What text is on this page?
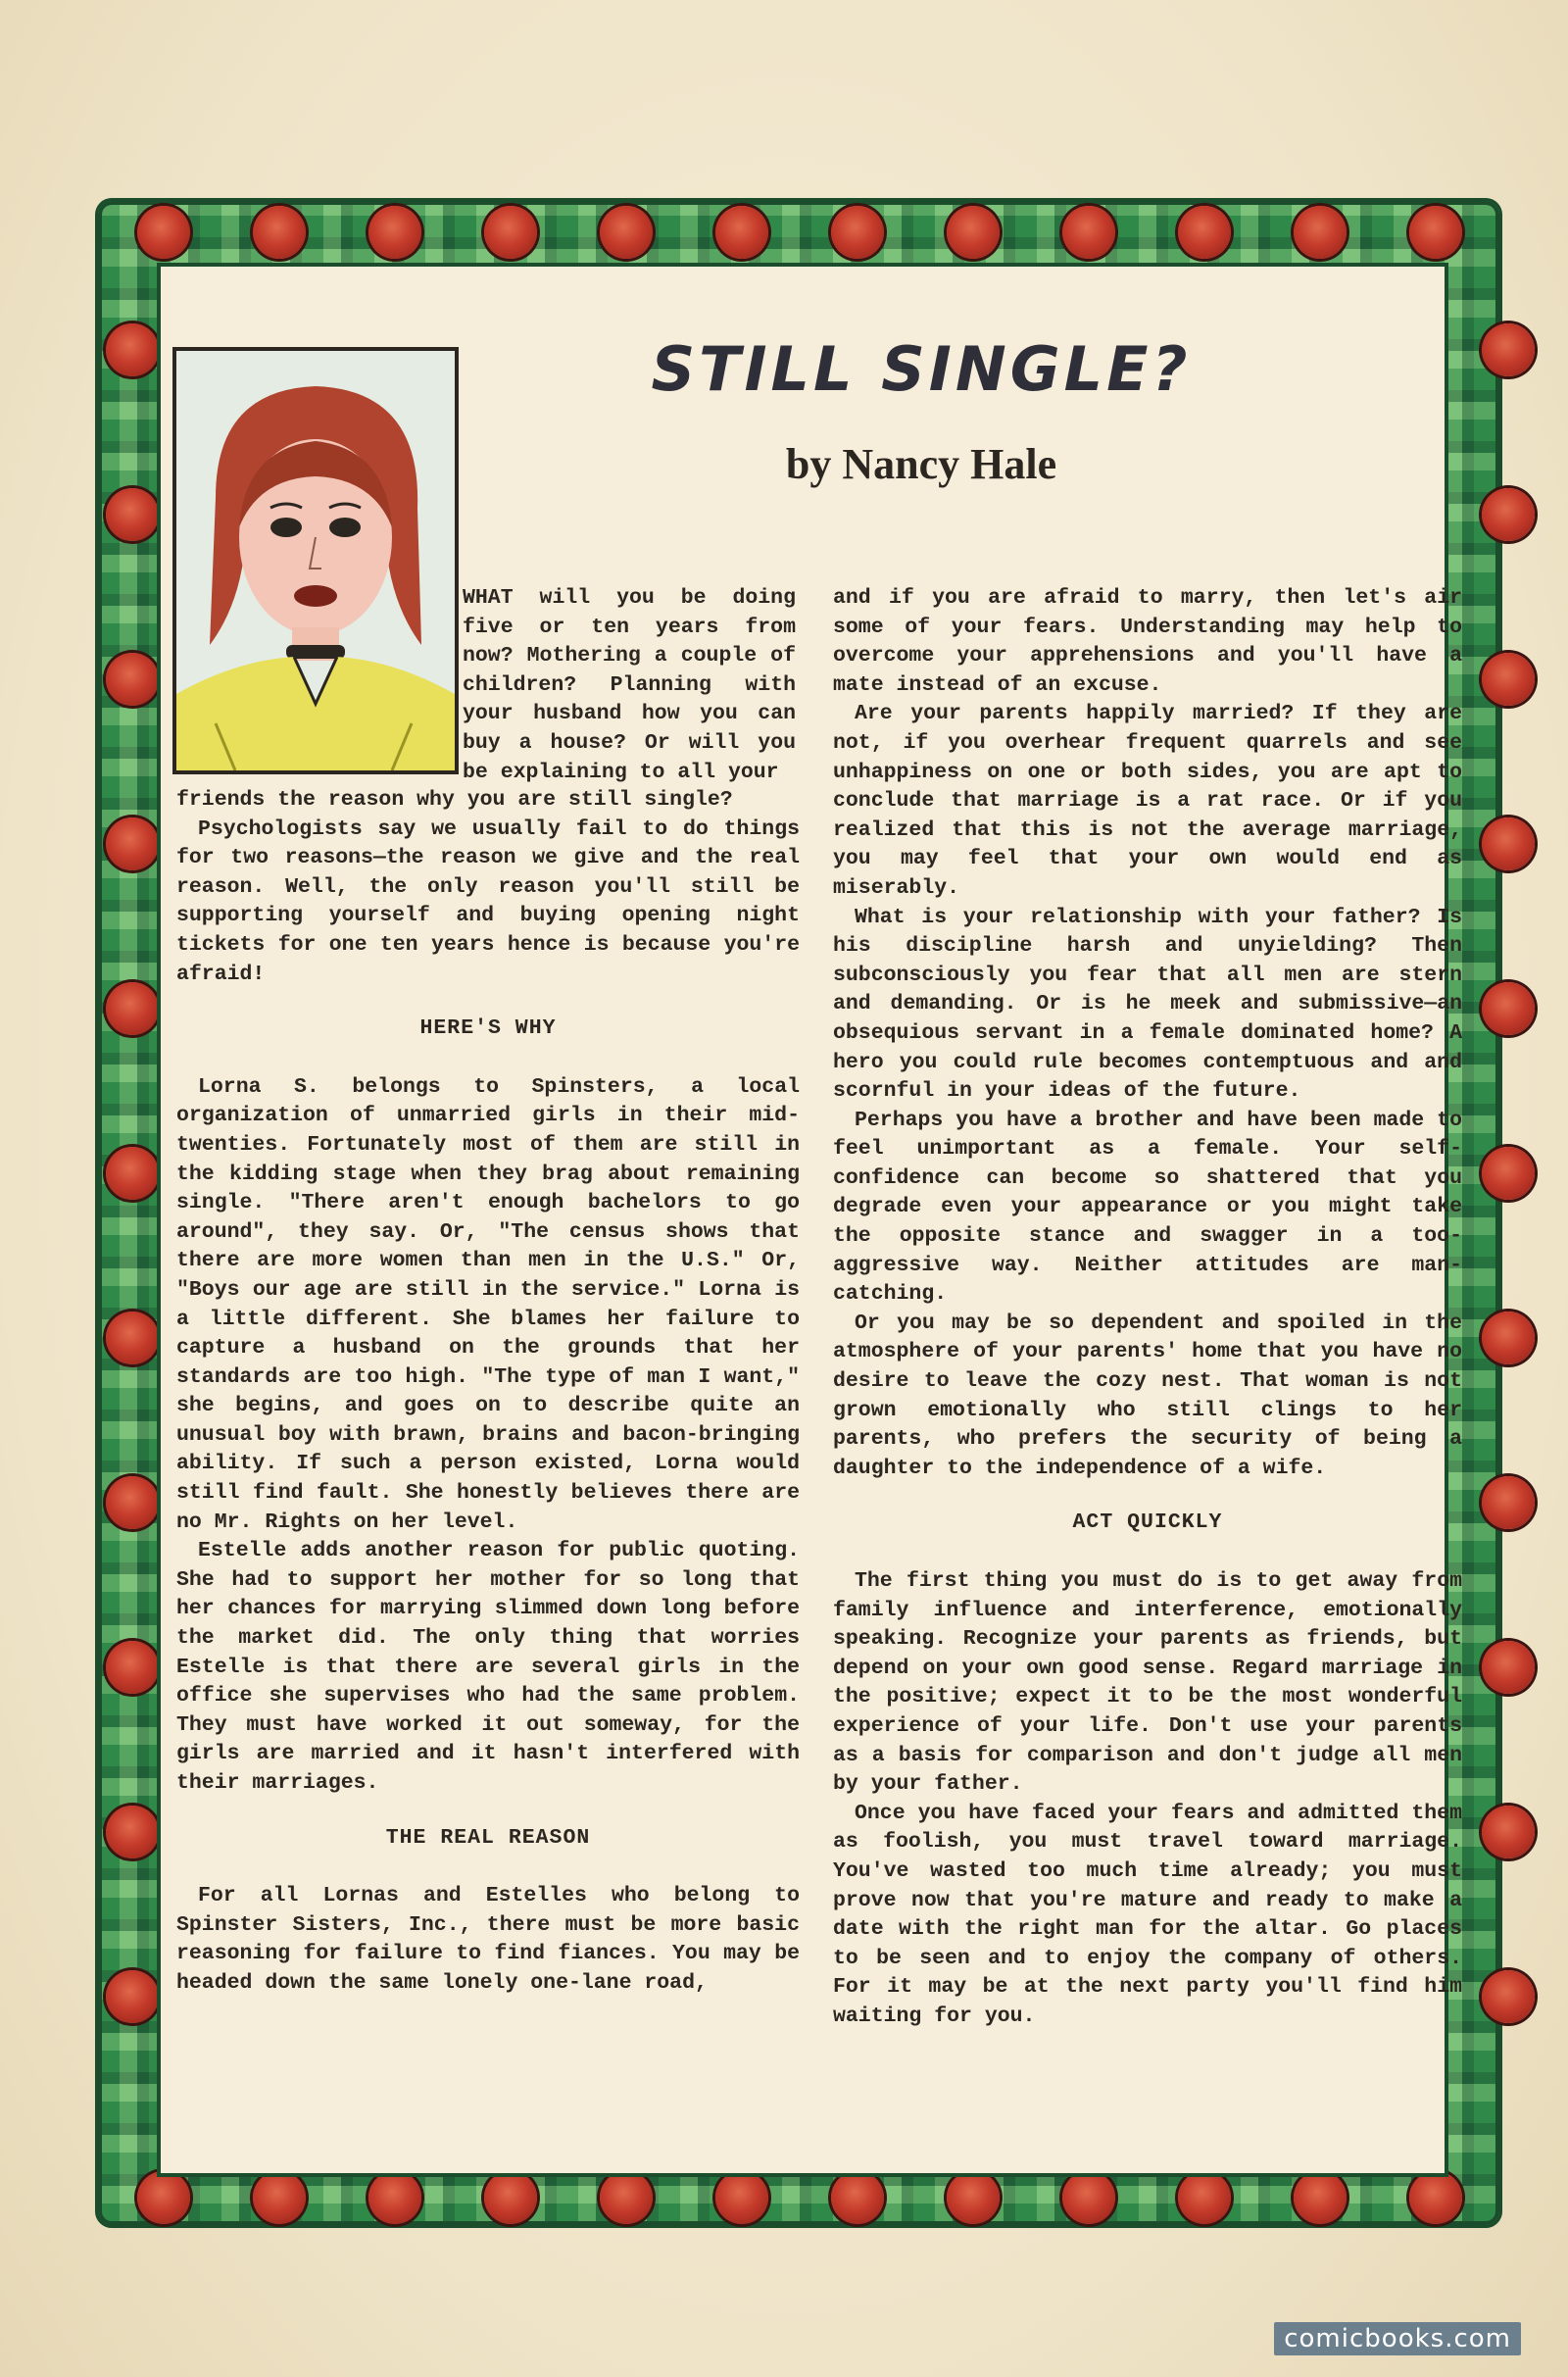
STILL SINGLE?
by Nancy Hale
WHAT will you be doing five or ten years from now? Mothering a couple of children? Planning with your husband how you can buy a house? Or will you be explaining to all your

friends the reason why you are still single?

Psychologists say we usually fail to do things for two reasons—the reason we give and the real reason. Well, the only reason you'll still be supporting yourself and buying opening night tickets for one ten years hence is because you're afraid!

HERE'S WHY

Lorna S. belongs to Spinsters, a local organization of unmarried girls in their mid-twenties. Fortunately most of them are still in the kidding stage when they brag about remaining single. "There aren't enough bachelors to go around", they say. Or, "The census shows that there are more women than men in the U.S." Or, "Boys our age are still in the service." Lorna is a little different. She blames her failure to capture a husband on the grounds that her standards are too high. "The type of man I want," she begins, and goes on to describe quite an unusual boy with brawn, brains and bacon-bringing ability. If such a person existed, Lorna would still find fault. She honestly believes there are no Mr. Rights on her level.

Estelle adds another reason for public quoting. She had to support her mother for so long that her chances for marrying slimmed down long before the market did. The only thing that worries Estelle is that there are several girls in the office she supervises who had the same problem. They must have worked it out someway, for the girls are married and it hasn't interfered with their marriages.

THE REAL REASON

For all Lornas and Estelles who belong to Spinster Sisters, Inc., there must be more basic reasoning for failure to find fiances. You may be headed down the same lonely one-lane road,

and if you are afraid to marry, then let's air some of your fears. Understanding may help to overcome your apprehensions and you'll have a mate instead of an excuse.

Are your parents happily married? If they are not, if you overhear frequent quarrels and see unhappiness on one or both sides, you are apt to conclude that marriage is a rat race. Or if you realized that this is not the average marriage, you may feel that your own would end as miserably.

What is your relationship with your father? Is his discipline harsh and unyielding? Then subconsciously you fear that all men are stern and demanding. Or is he meek and submissive—an obsequious servant in a female dominated home? A hero you could rule becomes contemptuous and and scornful in your ideas of the future.

Perhaps you have a brother and have been made to feel unimportant as a female. Your self-confidence can become so shattered that you degrade even your appearance or you might take the opposite stance and swagger in a too-aggressive way. Neither attitudes are man-catching.

Or you may be so dependent and spoiled in the atmosphere of your parents' home that you have no desire to leave the cozy nest. That woman is not grown emotionally who still clings to her parents, who prefers the security of being a daughter to the independence of a wife.

ACT QUICKLY

The first thing you must do is to get away from family influence and interference, emotionally speaking. Recognize your parents as friends, but depend on your own good sense. Regard marriage in the positive; expect it to be the most wonderful experience of your life. Don't use your parents as a basis for comparison and don't judge all men by your father.

Once you have faced your fears and admitted them as foolish, you must travel toward marriage. You've wasted too much time already; you must prove now that you're mature and ready to make a date with the right man for the altar. Go places to be seen and to enjoy the company of others. For it may be at the next party you'll find him waiting for you.

comicbooks.com
